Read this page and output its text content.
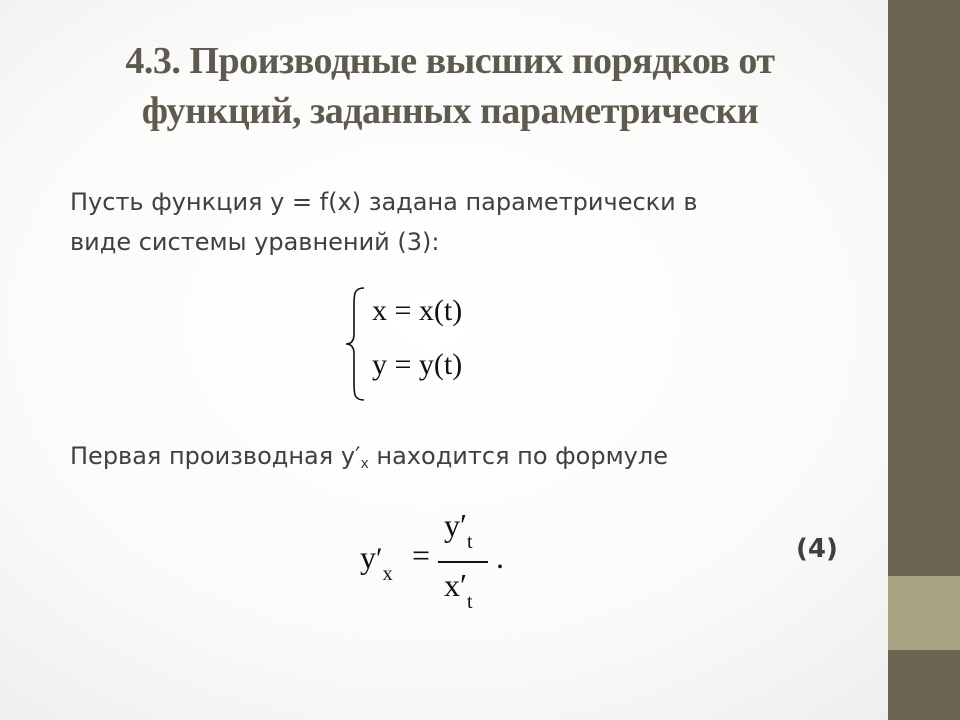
4.3. Производные высших порядков от
функций, заданных параметрически
Пусть функция y = f(x) задана параметрически в
виде системы уравнений (3):
x = x(t)
y = y(t)
Первая производная y′x находится по формуле
$y'_x$
=
$y'_t$
$x'_t$
.	(4)
